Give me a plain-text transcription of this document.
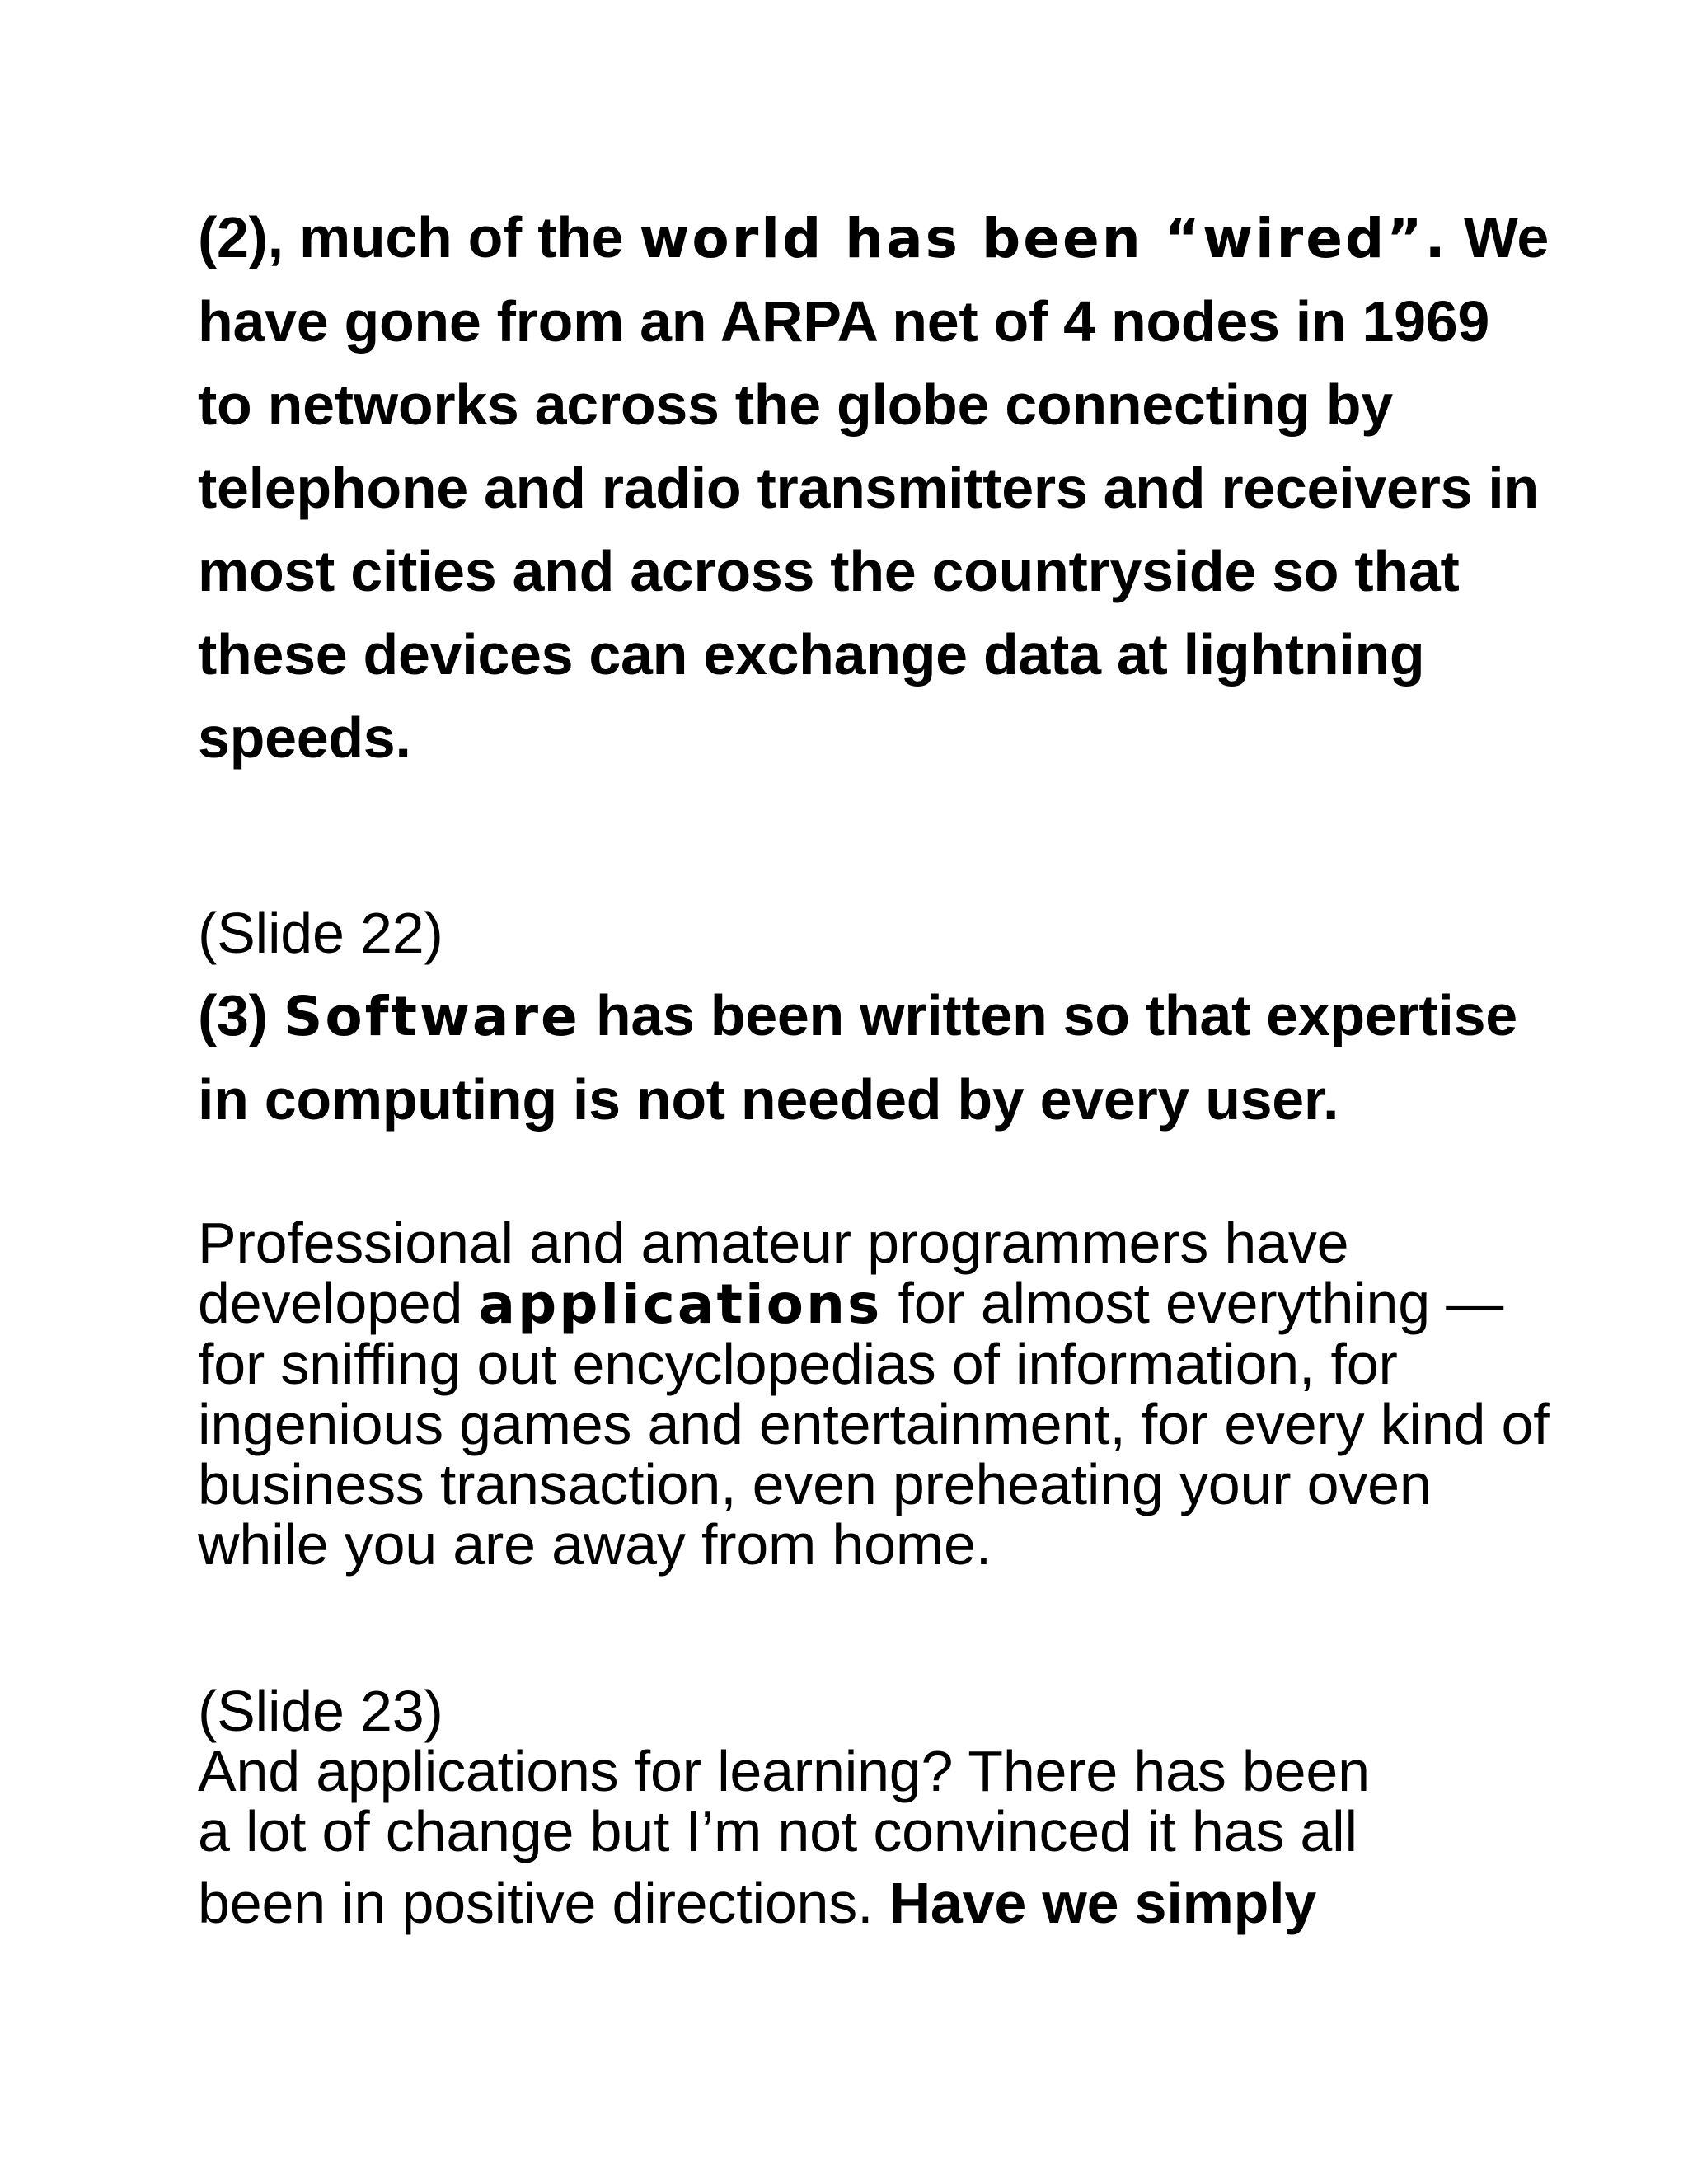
(2), much of the world has been “wired”. We have gone from an ARPA net of 4 nodes in 1969 to networks across the globe connecting by telephone and radio transmitters and receivers in most cities and across the countryside so that these devices can exchange data at lightning speeds.

(Slide 22)

(3) Software has been written so that expertise in computing is not needed by every user.

Professional and amateur programmers have developed applications for almost everything — for sniffing out encyclopedias of information, for ingenious games and entertainment, for every kind of business transaction, even preheating your oven while you are away from home.

(Slide 23)

And applications for learning? There has been
a lot of change but I’m not convinced it has all
been in positive directions. Have we simply
